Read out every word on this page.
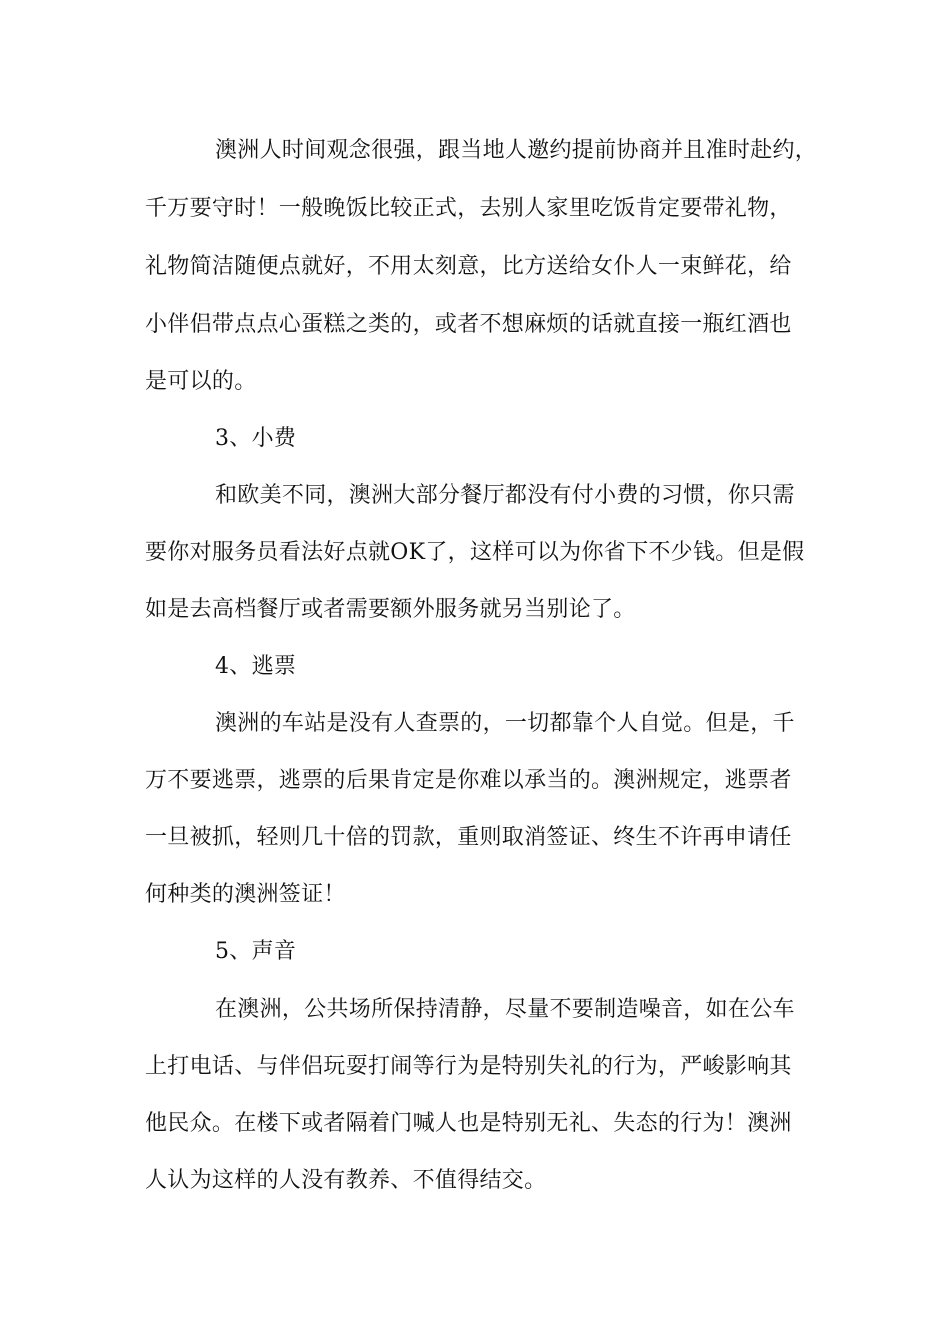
澳洲人时间观念很强，跟当地人邀约提前协商并且准时赴约，

千万要守时！一般晚饭比较正式，去别人家里吃饭肯定要带礼物，

礼物简洁随便点就好，不用太刻意，比方送给女仆人一束鲜花，给

小伴侣带点点心蛋糕之类的，或者不想麻烦的话就直接一瓶红酒也

是可以的。

3、小费

和欧美不同，澳洲大部分餐厅都没有付小费的习惯，你只需

要你对服务员看法好点就OK了，这样可以为你省下不少钱。但是假

如是去高档餐厅或者需要额外服务就另当别论了。

4、逃票

澳洲的车站是没有人查票的，一切都靠个人自觉。但是，千

万不要逃票，逃票的后果肯定是你难以承当的。澳洲规定，逃票者

一旦被抓，轻则几十倍的罚款，重则取消签证、终生不许再申请任

何种类的澳洲签证！

5、声音

在澳洲，公共场所保持清静，尽量不要制造噪音，如在公车

上打电话、与伴侣玩耍打闹等行为是特别失礼的行为，严峻影响其

他民众。在楼下或者隔着门喊人也是特别无礼、失态的行为！澳洲

人认为这样的人没有教养、不值得结交。
